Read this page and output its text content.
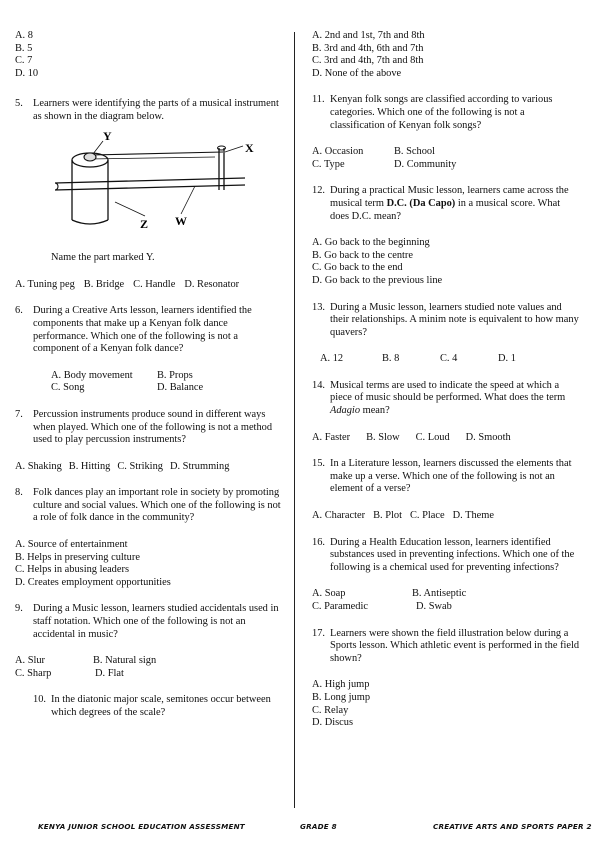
A. 8
B. 5
C. 7
D. 10
5. Learners were identifying the parts of a musical instrument as shown in the diagram below.
Y
X
Z W
Name the part marked Y.
A. Tuning peg B. Bridge C. Handle D. Resonator
6. During a Creative Arts lesson, learners identified the components that make up a Kenyan folk dance performance. Which one of the following is not a component of a Kenyan folk dance?
A. Body movement	B. Props
C. Song	D. Balance
7. Percussion instruments produce sound in different ways when played. Which one of the following is not a method used to play percussion instruments?
A. Shaking B. Hitting C. Striking D. Strumming
8. Folk dances play an important role in society by promoting culture and social values. Which one of the following is not a role of folk dance in the community?
A. Source of entertainment
B. Helps in preserving culture
C. Helps in abusing leaders
D. Creates employment opportunities
9. During a Music lesson, learners studied accidentals used in staff notation. Which one of the following is not an accidental in music?
A. Slur	B. Natural sign
C. Sharp	D. Flat
10. In the diatonic major scale, semitones occur between which degrees of the scale?
A. 2nd and 1st, 7th and 8th
B. 3rd and 4th, 6th and 7th
C. 3rd and 4th, 7th and 8th
D. None of the above
11. Kenyan folk songs are classified according to various categories. Which one of the following is not a classification of Kenyan folk songs?
A. Occasion	B. School
C. Type	D. Community
12. During a practical Music lesson, learners came across the musical term D.C. (Da Capo) in a musical score. What does D.C. mean?
A. Go back to the beginning
B. Go back to the centre
C. Go back to the end
D. Go back to the previous line
13. During a Music lesson, learners studied note values and their relationships. A minim note is equivalent to how many quavers?
A. 12	B. 8	C. 4	D. 1
14. Musical terms are used to indicate the speed at which a piece of music should be performed. What does the term Adagio mean?
A. Faster B. Slow C. Loud D. Smooth
15. In a Literature lesson, learners discussed the elements that make up a verse. Which one of the following is not an element of a verse?
A. Character B. Plot C. Place D. Theme
16. During a Health Education lesson, learners identified substances used in preventing infections. Which one of the following is a chemical used for preventing infections?
A. Soap	B. Antiseptic
C. Paramedic	D. Swab
17. Learners were shown the field illustration below during a Sports lesson. Which athletic event is performed in the field shown?
A. High jump
B. Long jump
C. Relay
D. Discus
KENYA JUNIOR SCHOOL EDUCATION ASSESSMENT	GRADE 8	CREATIVE ARTS AND SPORTS PAPER 2
